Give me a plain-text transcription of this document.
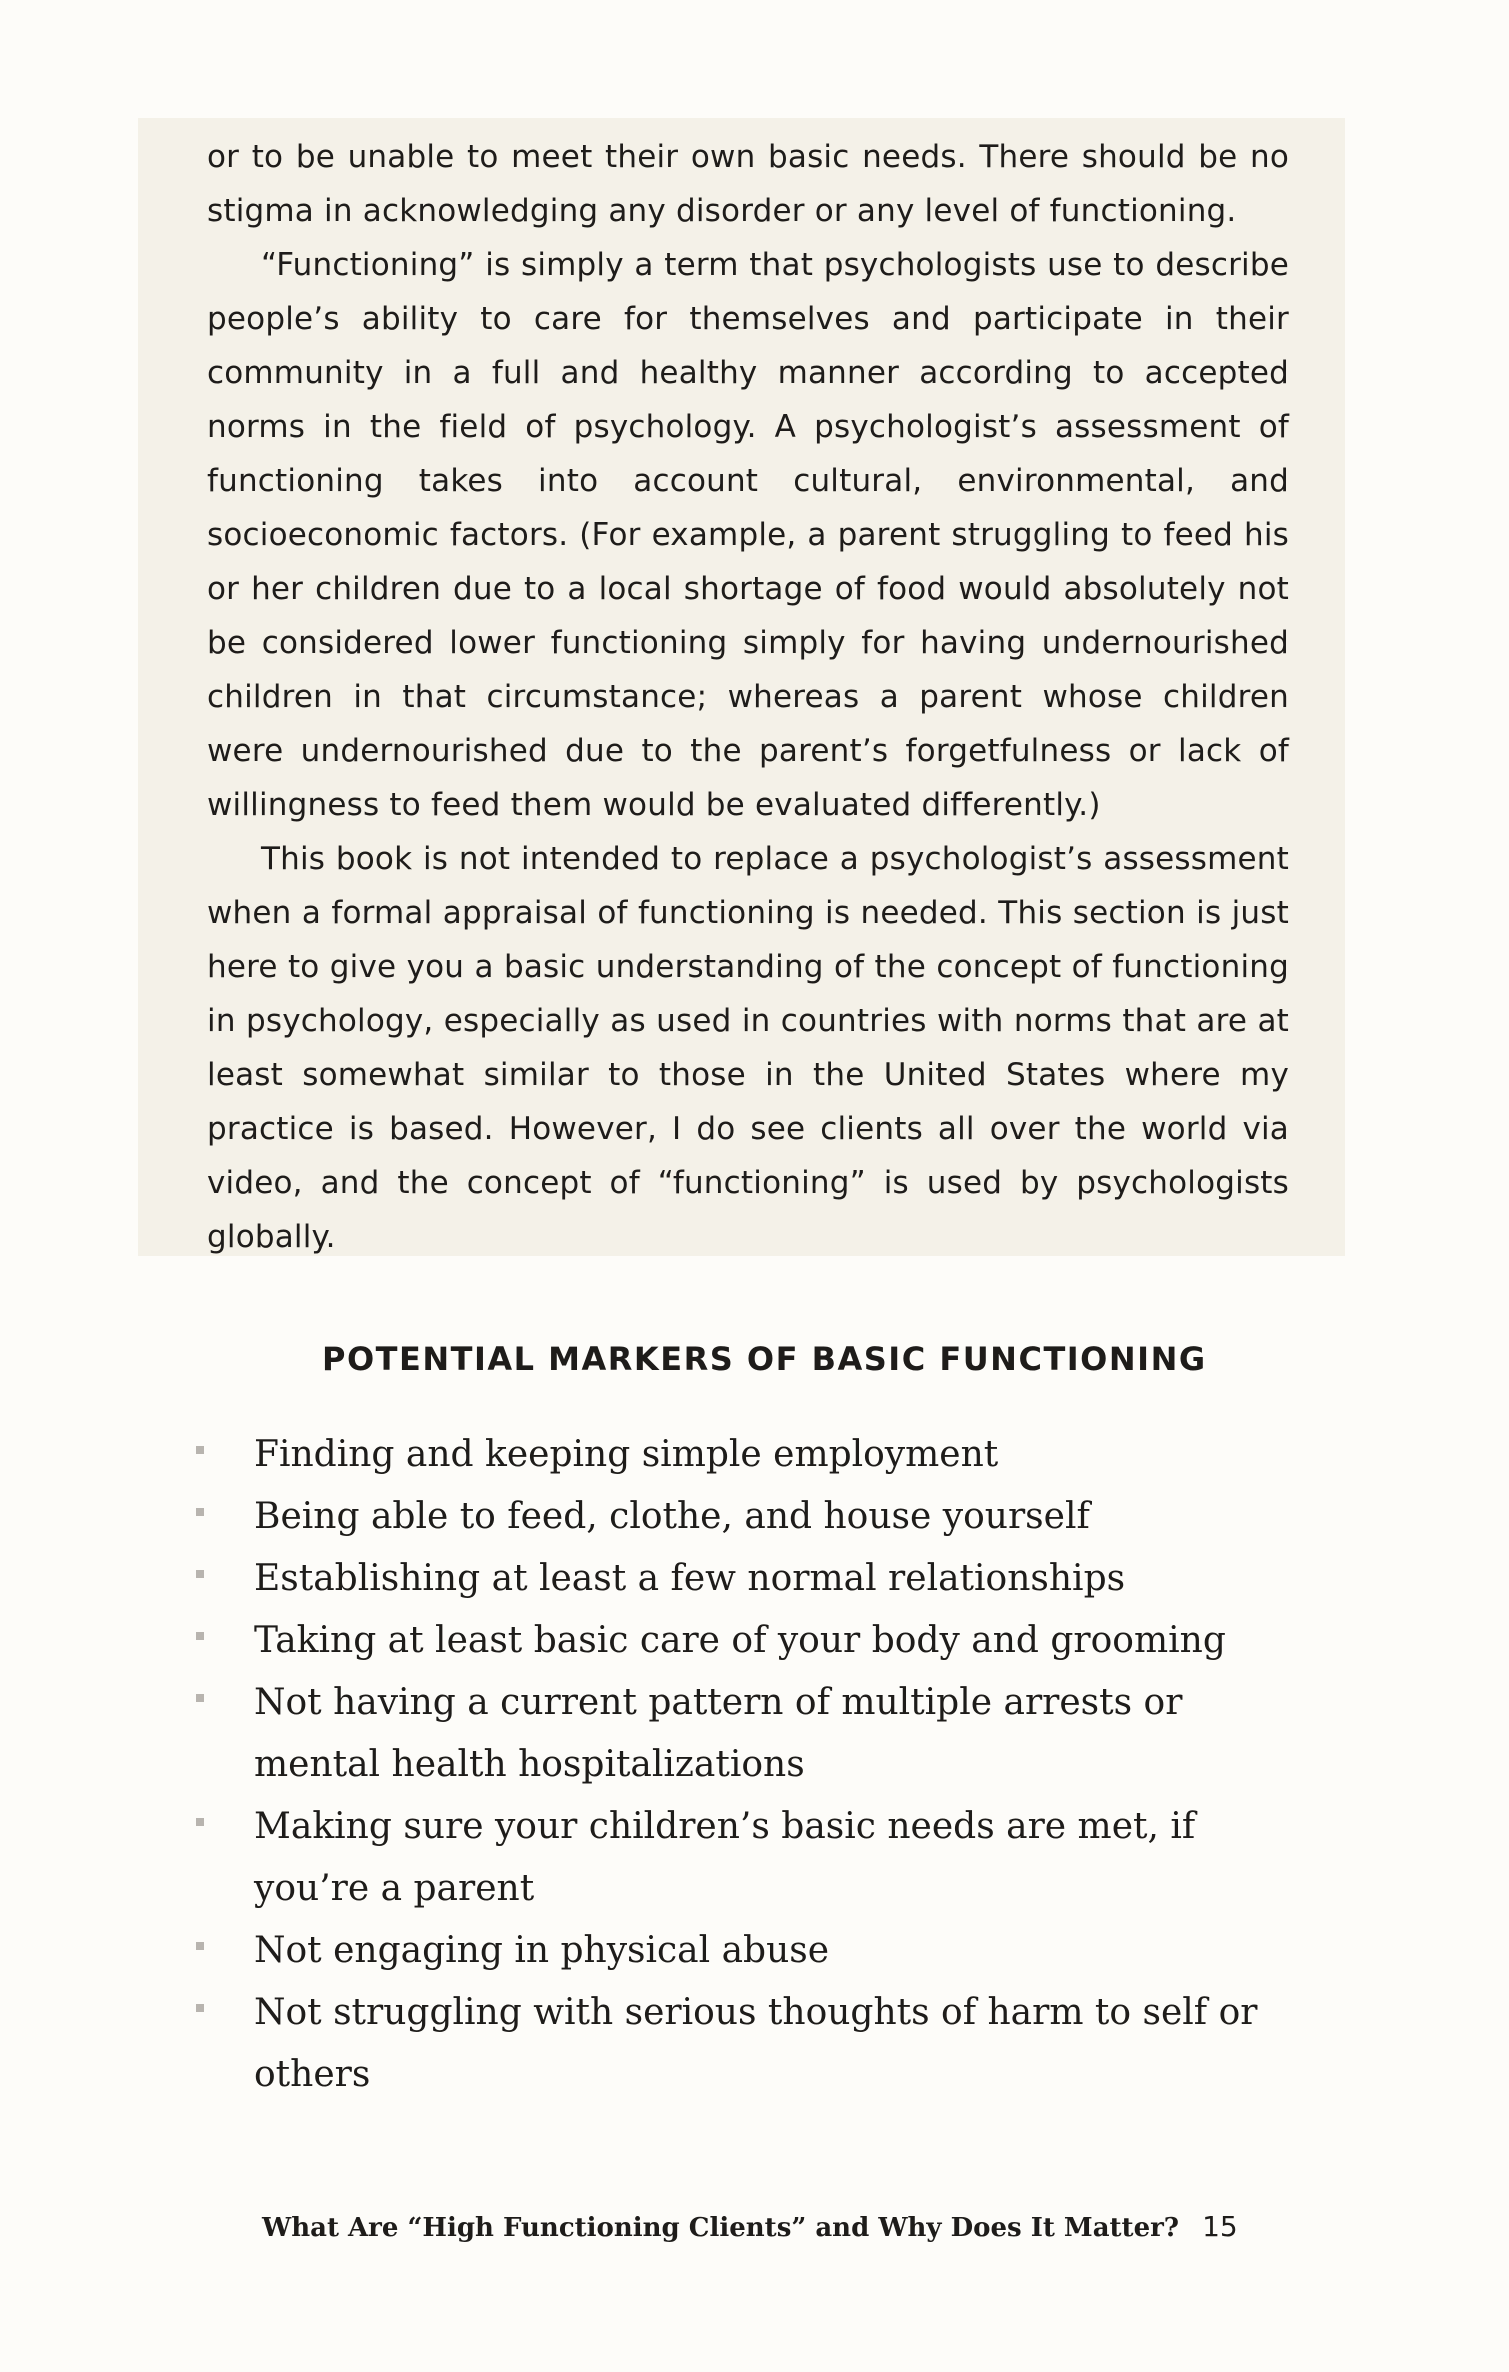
or to be unable to meet their own basic needs. There should be no stigma in acknowledging any disorder or any level of functioning.

“Functioning” is simply a term that psychologists use to describe people’s ability to care for themselves and participate in their community in a full and healthy manner according to accepted norms in the field of psychology. A psychologist’s assessment of functioning takes into account cultural, environmental, and socioeconomic factors. (For example, a parent struggling to feed his or her children due to a local shortage of food would absolutely not be considered lower functioning simply for having undernourished children in that circumstance; whereas a parent whose children were undernourished due to the parent’s forgetfulness or lack of willingness to feed them would be evaluated differently.)

This book is not intended to replace a psychologist’s assessment when a formal appraisal of functioning is needed. This section is just here to give you a basic understanding of the concept of functioning in psychology, especially as used in countries with norms that are at least somewhat similar to those in the United States where my practice is based. However, I do see clients all over the world via video, and the concept of “functioning” is used by psychologists globally.

POTENTIAL MARKERS OF BASIC FUNCTIONING
Finding and keeping simple employment
Being able to feed, clothe, and house yourself
Establishing at least a few normal relationships
Taking at least basic care of your body and grooming
Not having a current pattern of multiple arrests or mental health hospitalizations
Making sure your children’s basic needs are met, if you’re a parent
Not engaging in physical abuse
Not struggling with serious thoughts of harm to self or others
What Are “High Functioning Clients” and Why Does It Matter? 15
